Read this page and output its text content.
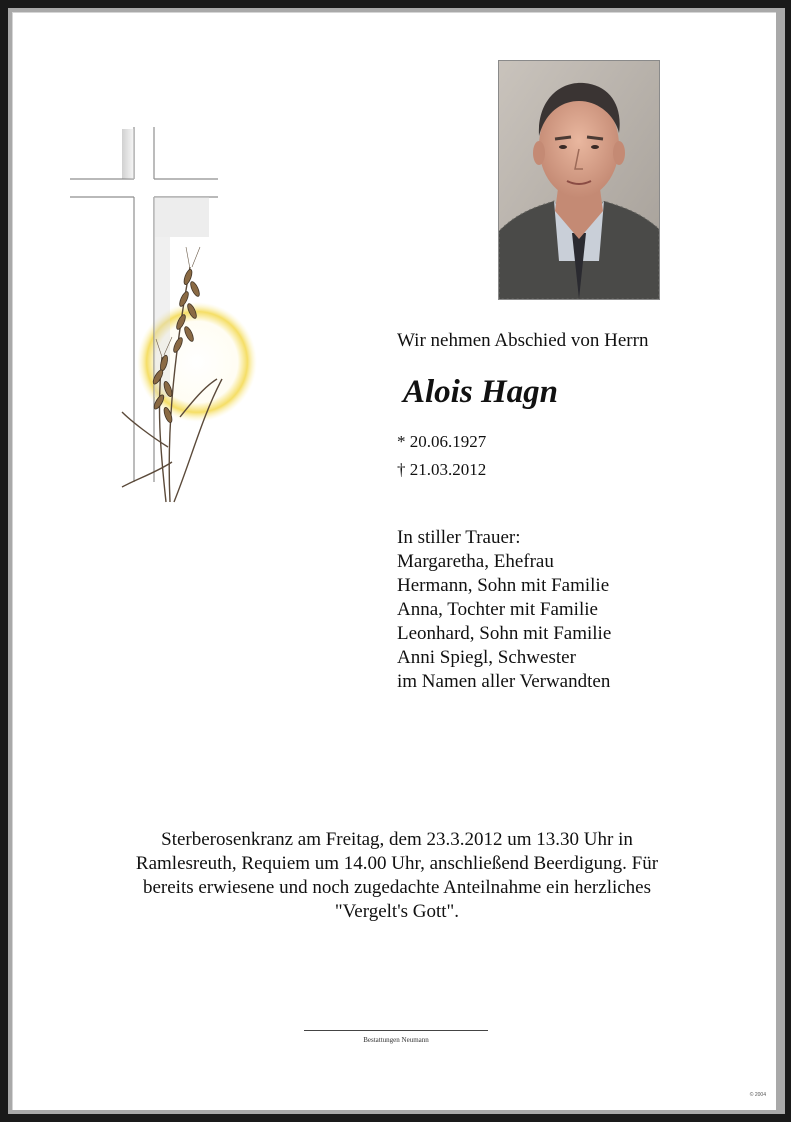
Wir nehmen Abschied von Herrn
Alois Hagn
* 20.06.1927
† 21.03.2012
In stiller Trauer:
Margaretha, Ehefrau
Hermann, Sohn mit Familie
Anna, Tochter mit Familie
Leonhard, Sohn mit Familie
Anni Spiegl, Schwester
im Namen aller Verwandten
Sterberosenkranz am Freitag, dem 23.3.2012 um 13.30 Uhr in
Ramlesreuth, Requiem um 14.00 Uhr, anschließend Beerdigung. Für
bereits erwiesene und noch zugedachte Anteilnahme ein herzliches
"Vergelt's Gott".
Bestattungen Neumann
© 2004
